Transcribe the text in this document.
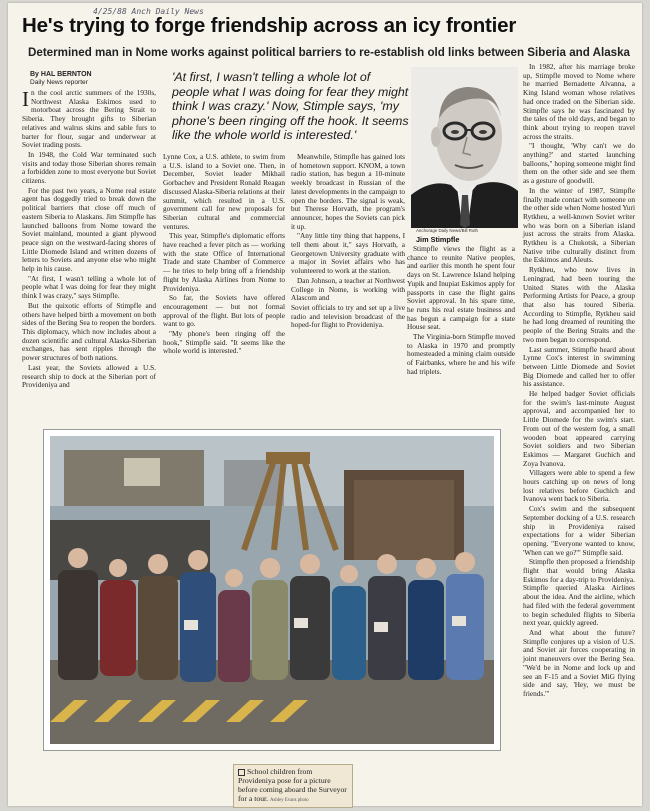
4/25/88 Anch Daily News
He's trying to forge friendship across an icy frontier
Determined man in Nome works against political barriers to re-establish old links between Siberia and Alaska
By HAL BERNTON
Daily News reporter	'At first, I wasn't telling a whole lot of people what I was doing for fear they might think I was crazy.' Now, Stimple says, 'my phone's been ringing off the hook. It seems like the whole world is interested.'

In the cool arctic summers of the 1930s, Northwest Alaska Eskimos used to motorboat across the Bering Strait to Siberia. They brought gifts to Siberian relatives and walrus skins and sable furs to barter for flour, sugar and underwear at Soviet trading posts.

In 1948, the Cold War terminated such visits and today those Siberian shores remain a forbidden zone to most everyone but Soviet citizens.

For the past two years, a Nome real estate agent has doggedly tried to break down the political barriers that close off much of eastern Siberia to Alaskans. Jim Stimpfle has launched balloons from Nome toward the Soviet mainland, mounted a giant plywood peace sign on the westward-facing shores of Little Diomede Island and written dozens of letters to Soviets and anyone else who might help in his cause.

"At first, I wasn't telling a whole lot of people what I was doing for fear they might think I was crazy," says Stimpfle.

But the quixotic efforts of Stimpfle and others have helped birth a movement on both sides of the Bering Sea to reopen the borders. This diplomacy, which now includes about a dozen scientific and cultural Alaska-Siberian exchanges, has sent ripples through the power structures of both nations.

Last year, the Soviets allowed a U.S. research ship to dock at the Siberian port of Provideniya and

Lynne Cox, a U.S. athlete, to swim from a U.S. island to a Soviet one. Then, in December, Soviet leader Mikhail Gorbachev and President Ronald Reagan discussed Alaska-Siberia relations at their summit, which resulted in a U.S. government call for new proposals for Siberian cultural and commercial ventures.

This year, Stimpfle's diplomatic efforts have reached a fever pitch as — working with the state Office of International Trade and state Chamber of Commerce — he tries to help bring off a friendship flight by Alaska Airlines from Nome to Provideniya.

So far, the Soviets have offered encouragement — but not formal approval of the flight. But lots of people want to go.

"My phone's been ringing off the hook," Stimpfle said. "It seems like the whole world is interested."

Meanwhile, Stimpfle has gained lots of hometown support. KNOM, a town radio station, has begun a 10-minute weekly broadcast in Russian of the latest developments in the campaign to open the borders. The signal is weak, but Therese Horvath, the program's announcer, hopes the Soviets can pick it up.

"Any little tiny thing that happens, I tell them about it," says Horvath, a Georgetown University graduate with a major in Soviet affairs who has volunteered to work at the station.

Dan Johnson, a teacher at Northwest College in Nome, is working with Alascom and

Soviet officials to try and set up a live radio and television broadcast of the hoped-for flight to Provideniya.

Anchorage Daily News/Bill Roth
Jim Stimpfle

Stimpfle views the flight as a chance to reunite Native peoples, and earlier this month he spent four days on St. Lawrence Island helping Yupik and Inupiat Eskimos apply for passports in case the flight gains Soviet approval. In his spare time, he runs his real estate business and has begun a campaign for a state House seat.

The Virginia-born Stimpfle moved to Alaska in 1970 and promptly homesteaded a mining claim outside of Fairbanks, where he and his wife had triplets.

In 1982, after his marriage broke up, Stimpfle moved to Nome where he married Bernadette Alvanna, a King Island woman whose relatives had once traded on the Siberian side. Stimpfle says he was fascinated by the tales of the old days, and began to think about trying to reopen travel across the straits.

"I thought, 'Why can't we do anything?' and started launching balloons," hoping someone might find them on the other side and see them as a gesture of goodwill.

In the winter of 1987, Stimpfle finally made contact with someone on the other side when Nome hosted Yuri Rytkheu, a well-known Soviet writer who was born on a Siberian island just across the straits from Alaska. Rytkheu is a Chukotsk, a Siberian Native tribe culturally distinct from the Eskimos and Aleuts.

Rytkheu, who now lives in Leningrad, had been touring the United States with the Alaska Performing Artists for Peace, a group that also has toured Siberia. According to Stimpfle, Rytkheu said he had long dreamed of reuniting the people of the Bering Straits and the two men began to correspond.

Last summer, Stimpfle heard about Lynne Cox's interest in swimming between Little Diomede and Soviet Big Diomede and called her to offer his assistance.

He helped badger Soviet officials for the swim's last-minute August approval, and accompanied her to Little Diomede for the swim's start. From out of the western fog, a small wooden boat appeared carrying Soviet soldiers and two Siberian Eskimos — Margaret Guchich and Zoya Ivanova.

Villagers were able to spend a few hours catching up on news of long lost relatives before Guchich and Ivanova went back to Siberia.

Cox's swim and the subsequent September docking of a U.S. research ship in Provideniya raised expectations for a wider Siberian opening. "Everyone wanted to know, 'When can we go?'" Stimpfle said.

Stimpfle then proposed a friendship flight that would bring Alaska Eskimos for a day-trip to Provideniya. Stimpfle queried Alaska Airlines about the idea. And the airline, which had filed with the federal government to begin scheduled flights to Siberia next year, quickly agreed.

And what about the future? Stimpfle conjures up a vision of U.S. and Soviet air forces cooperating in joint maneuvers over the Bering Sea. "We'd be in Nome and lock up and see an F-15 and a Soviet MiG flying side and say, 'Hey, we must be friends.'"

School children from Provideniya pose for a picture before coming aboard the Surveyor for a tour. Ashley Evans photo
